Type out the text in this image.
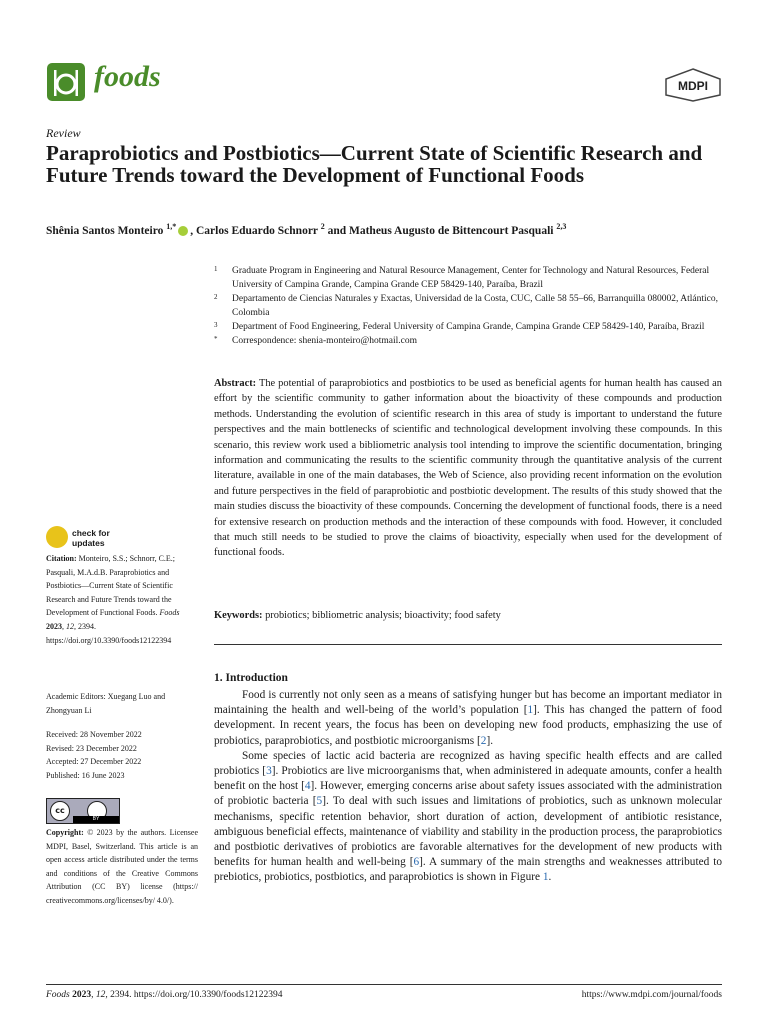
foods	MDPI
Review
Paraprobiotics and Postbiotics—Current State of Scientific Research and Future Trends toward the Development of Functional Foods
Shênia Santos Monteiro $^{1,*}$ , Carlos Eduardo Schnorr $^2$ and Matheus Augusto de Bittencourt Pasquali $^{2,3}$
1 Graduate Program in Engineering and Natural Resource Management, Center for Technology and Natural Resources, Federal University of Campina Grande, Campina Grande CEP 58429-140, Paraíba, Brazil
2 Departamento de Ciencias Naturales y Exactas, Universidad de la Costa, CUC, Calle 58 55–66, Barranquilla 080002, Atlántico, Colombia
3 Department of Food Engineering, Federal University of Campina Grande, Campina Grande CEP 58429-140, Paraíba, Brazil
* Correspondence: shenia-monteiro@hotmail.com
Abstract: The potential of paraprobiotics and postbiotics to be used as beneficial agents for human health has caused an effort by the scientific community to gather information about the bioactivity of these compounds and production methods. Understanding the evolution of scientific research in this area of study is important to understand the future perspectives and the main bottlenecks of scientific and technological development involving these compounds. In this scenario, this review work used a bibliometric analysis tool intending to improve the scientific documentation, bringing information and communicating the results to the scientific community through the quantitative analysis of the current literature, available in one of the main databases, the Web of Science, also providing recent information on the evolution and future perspectives in the field of paraprobiotic and postbiotic development. The results of this study showed that the main studies discuss the bioactivity of these compounds. Concerning the development of functional foods, there is a need for extensive research on production methods and the interaction of these compounds with food. However, it concluded that much still needs to be studied to prove the claims of bioactivity, especially when used for the development of functional foods.
Keywords: probiotics; bibliometric analysis; bioactivity; food safety
check for
updates
Citation: Monteiro, S.S.; Schnorr, C.E.; Pasquali, M.A.d.B. Paraprobiotics and Postbiotics—Current State of Scientific Research and Future Trends toward the Development of Functional Foods. Foods 2023, 12, 2394. https://doi.org/10.3390/foods12122394
Academic Editors: Xuegang Luo and Zhongyuan Li
Received: 28 November 2022
Revised: 23 December 2022
Accepted: 27 December 2022
Published: 16 June 2023
cc
BY
Copyright: © 2023 by the authors. Licensee MDPI, Basel, Switzerland. This article is an open access article distributed under the terms and conditions of the Creative Commons Attribution (CC BY) license (https:// creativecommons.org/licenses/by/ 4.0/).
1. Introduction

Food is currently not only seen as a means of satisfying hunger but has become an important mediator in maintaining the health and well-being of the world’s population [1]. This has changed the pattern of food development. In recent years, the focus has been on developing new food products, emphasizing the use of probiotics, paraprobiotics, and postbiotic microorganisms [2].

Some species of lactic acid bacteria are recognized as having specific health effects and are called probiotics [3]. Probiotics are live microorganisms that, when administered in adequate amounts, confer a health benefit on the host [4]. However, emerging concerns arise about safety issues associated with the administration of probiotic bacteria [5]. To deal with such issues and limitations of probiotics, such as unknown molecular mechanisms, specific retention behavior, short duration of action, development of antibiotic resistance, ambiguous beneficial effects, maintenance of viability and stability in the production process, the paraprobiotics and postbiotic derivatives of probiotics are favorable alternatives for the development of new products with benefits for human health and well-being [6]. A summary of the main strengths and weaknesses attributed to prebiotics, probiotics, postbiotics, and paraprobiotics is shown in Figure 1.

Foods 2023, 12, 2394. https://doi.org/10.3390/foods12122394	https://www.mdpi.com/journal/foods
